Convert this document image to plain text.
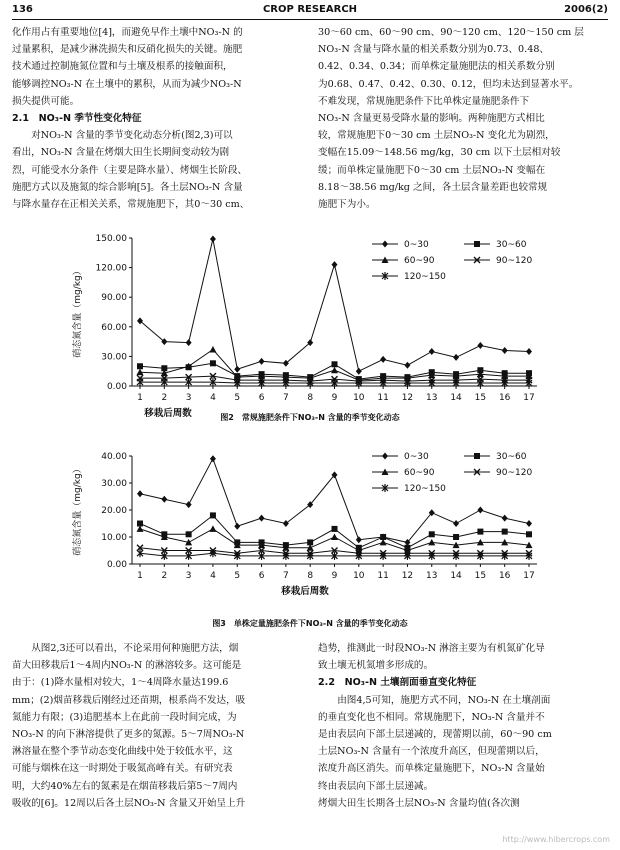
136	CROP RESEARCH	2006(2)

化作用占有重要地位[4]，而避免早作土壤中NO₃-N 的

过量累积，是减少淋洗损失和反硝化损失的关键。施肥

技术通过控制施氮位置和与土壤及根系的接触面积，

能够调控NO₃-N 在土壤中的累积，从而为减少NO₃-N

损失提供可能。

2.1　NO₃-N 季节性变化特征

对NO₃-N 含量的季节变化动态分析(图2,3)可以

看出，NO₃-N 含量在烤烟大田生长期间变动较为剧

烈，可能受水分条件（主要是降水量）、烤烟生长阶段、

施肥方式以及施氮的综合影响[5]。各土层NO₃-N 含量

与降水量存在正相关关系，常规施肥下，其0～30 cm、

30～60 cm、60～90 cm、90～120 cm、120～150 cm 层

NO₃-N 含量与降水量的相关系数分别为0.73、0.48、

0.42、0.34、0.34；而单株定量施肥法的相关系数分别

为0.68、0.47、0.42、0.30、0.12，但均未达到显著水平。

不难发现，常规施肥条件下比单株定量施肥条件下

NO₃-N 含量更易受降水量的影响。两种施肥方式相比

较，常规施肥下0～30 cm 土层NO₃-N 变化尤为剧烈，

变幅在15.09～148.56 mg/kg，30 cm 以下土层相对较

缓；而单株定量施肥下0～30 cm 土层NO₃-N 变幅在

8.18～38.56 mg/kg 之间，各土层含量差距也较常规

施肥下为小。

0.00
30.00
60.00
90.00
120.00
150.00
1 2 3 4 5 6 7 8 9 10 11 12 13 14 15 16 17
移栽后周数
硝态氮含量（mg/kg）
0~30	30~60
60~90	90~120
120~150
图2　常规施肥条件下NO₃-N 含量的季节变化动态
0.00
10.00
20.00
30.00
40.00
1 2 3 4 5 6 7 8 9 10 11 12 13 14 15 16 17
移栽后周数
硝态氮含量（mg/kg）
0~30	30~60
60~90	90~120
120~150
图3　单株定量施肥条件下NO₃-N 含量的季节变化动态

从图2,3还可以看出，不论采用何种施肥方法，烟

苗大田移栽后1～4周内NO₃-N 的淋溶较多。这可能是

由于：(1)降水量相对较大，1～4周降水量达199.6

mm；(2)烟苗移栽后刚经过还苗期，根系尚不发达，吸

氮能力有限；(3)追肥基本上在此前一段时间完成，为

NO₃-N 的向下淋溶提供了更多的氮源。5～7周NO₃-N

淋溶量在整个季节动态变化曲线中处于较低水平，这

可能与烟株在这一时期处于吸氮高峰有关。有研究表

明，大约40%左右的氮素是在烟苗移栽后第5～7周内

吸收的[6]。12周以后各土层NO₃-N 含量又开始呈上升

趋势，推测此一时段NO₃-N 淋溶主要为有机氮矿化导

致土壤无机氮增多形成的。

2.2　NO₃-N 土壤剖面垂直变化特征

由图4,5可知，施肥方式不同，NO₃-N 在土壤剖面

的垂直变化也不相同。常规施肥下，NO₃-N 含量并不

是由表层向下部土层递减的，现蕾期以前，60～90 cm

土层NO₃-N 含量有一个浓度升高区，但现蕾期以后，

浓度升高区消失。而单株定量施肥下，NO₃-N 含量始

终由表层向下部土层递减。

烤烟大田生长期各土层NO₃-N 含量均值(各次测

http://www.hibercrops.com
